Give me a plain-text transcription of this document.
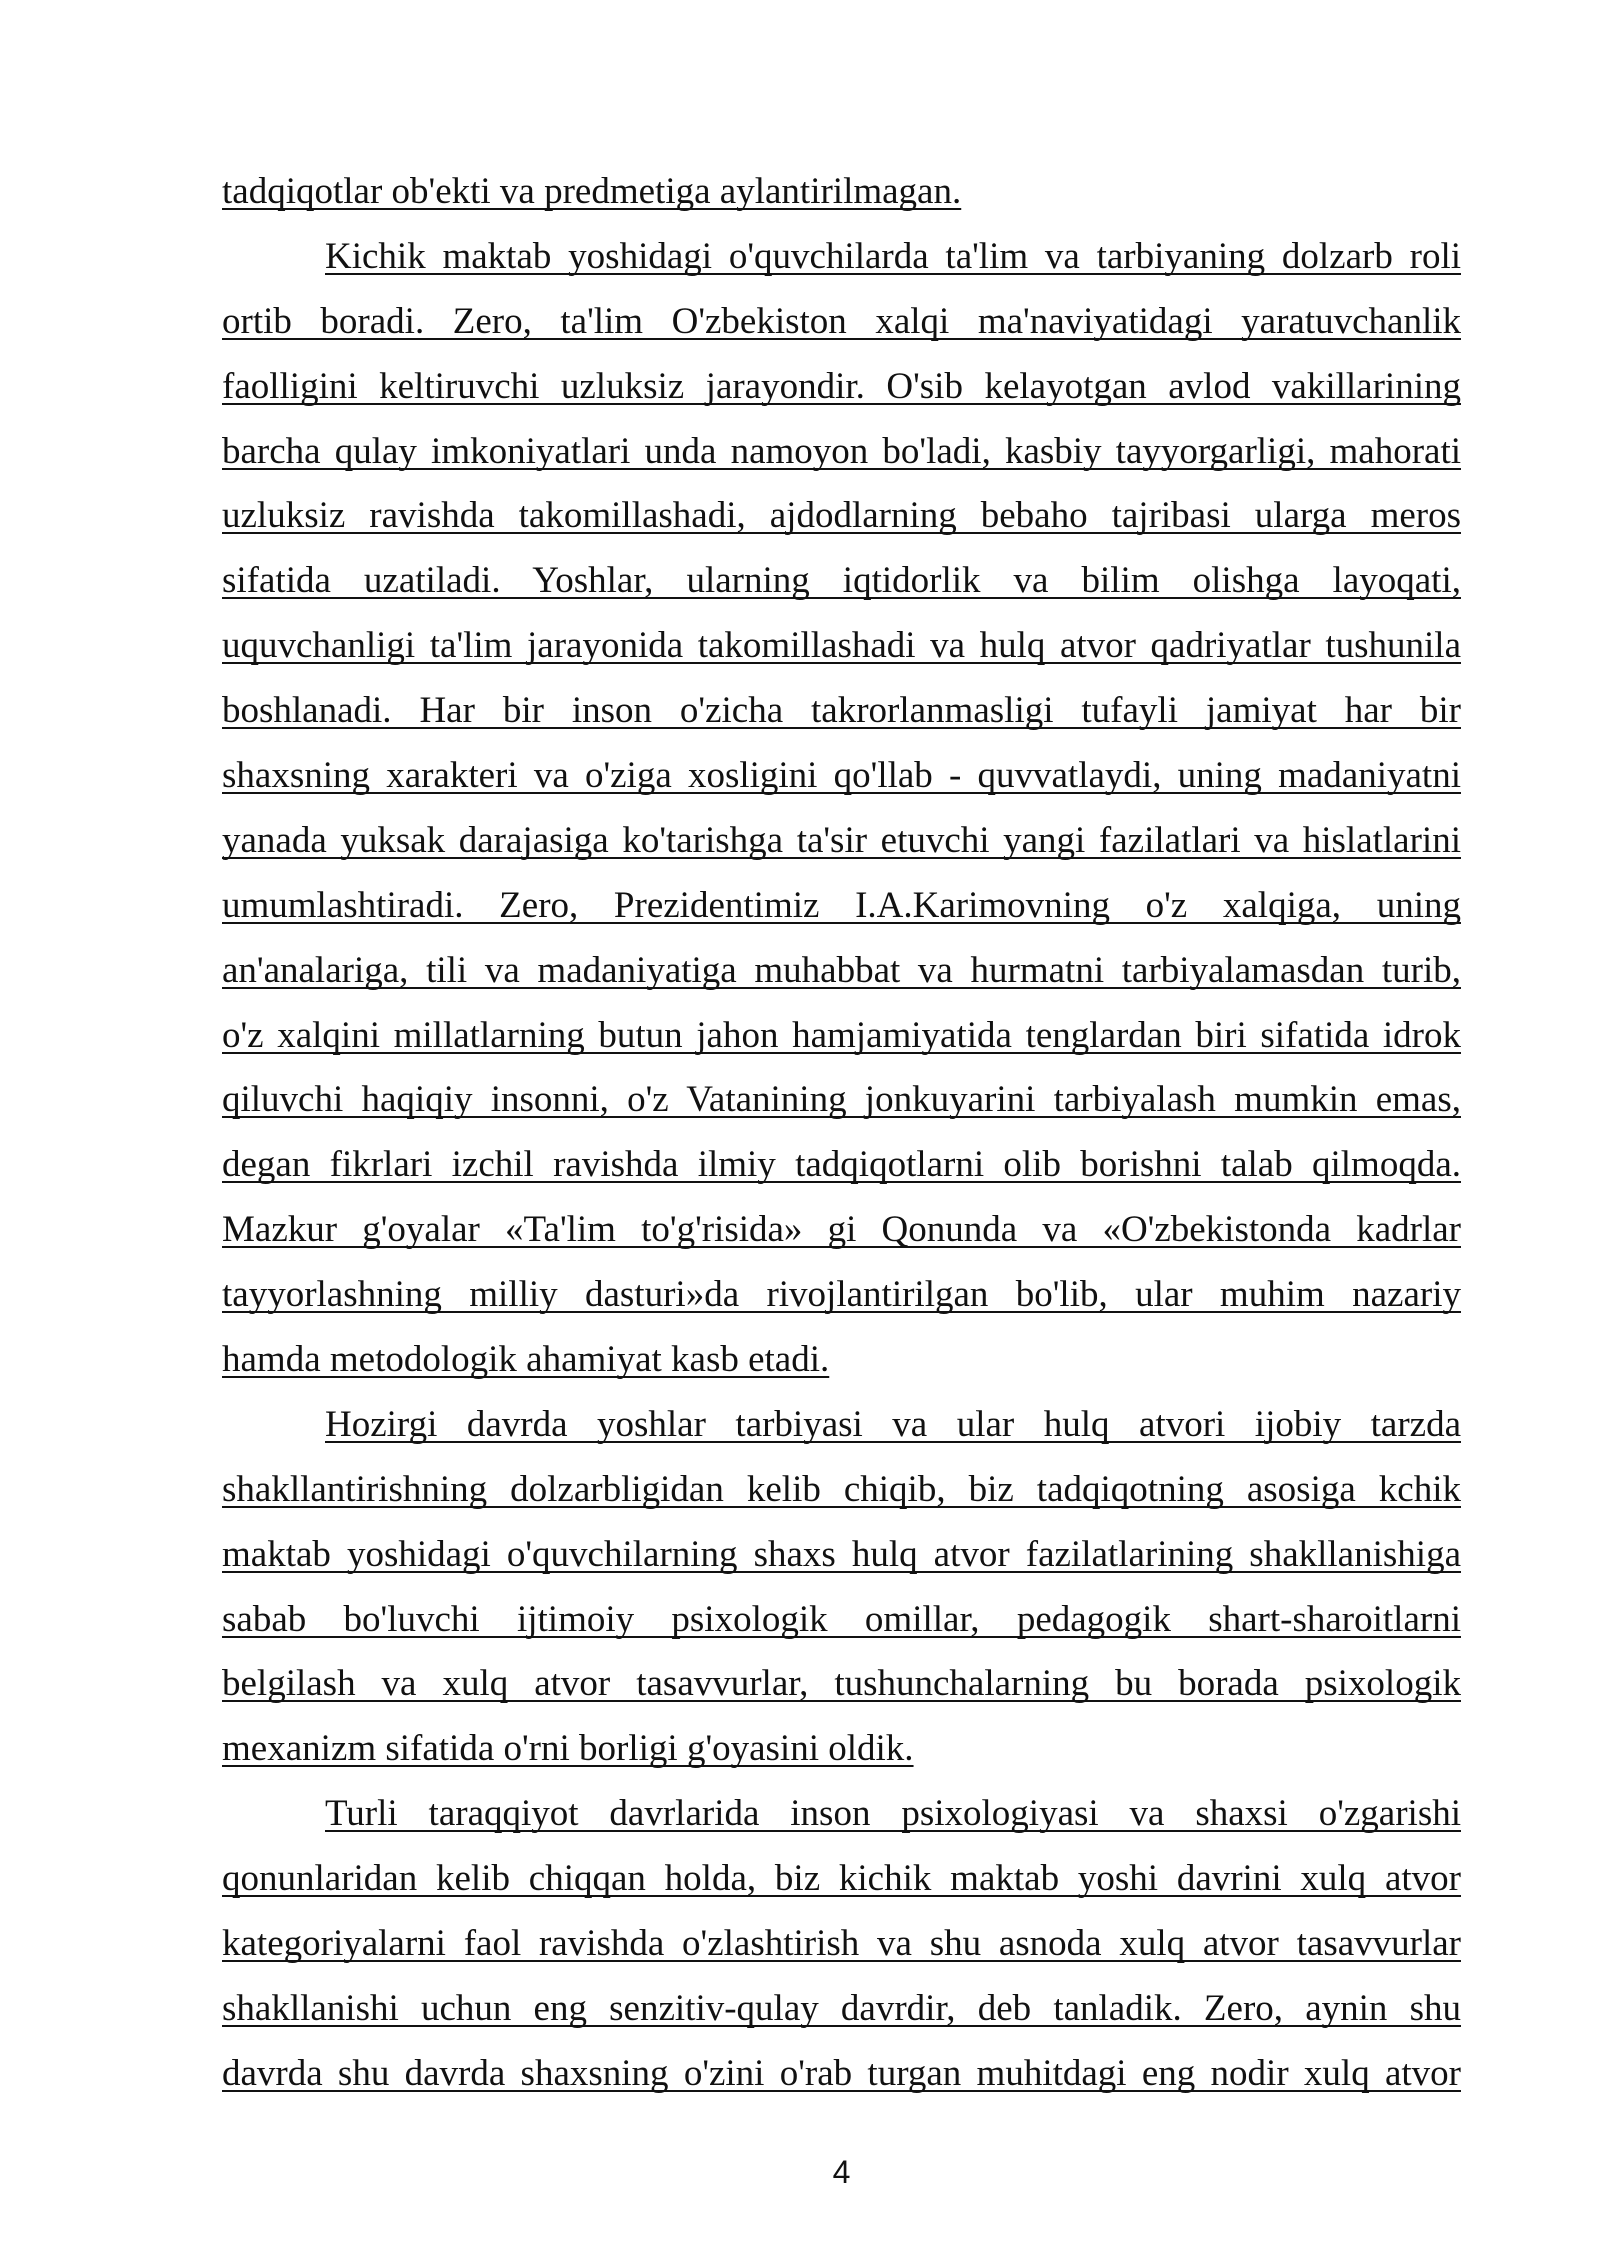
tadqiqotlar ob'ekti va predmetiga aylantirilmagan.
Kichik maktab yoshidagi o'quvchilarda ta'lim va tarbiyaning dolzarb roli
ortib boradi. Zero, ta'lim O'zbekiston xalqi ma'naviyatidagi yaratuvchanlik
faolligini keltiruvchi uzluksiz jarayondir. O'sib kelayotgan avlod vakillarining
barcha qulay imkoniyatlari unda namoyon bo'ladi, kasbiy tayyorgarligi, mahorati
uzluksiz ravishda takomillashadi, ajdodlarning bebaho tajribasi ularga meros
sifatida uzatiladi. Yoshlar, ularning iqtidorlik va bilim olishga layoqati,
uquvchanligi ta'lim jarayonida takomillashadi va hulq atvor qadriyatlar tushunila
boshlanadi. Har bir inson o'zicha takrorlanmasligi tufayli jamiyat har bir
shaxsning xarakteri va o'ziga xosligini qo'llab - quvvatlaydi, uning madaniyatni
yanada yuksak darajasiga ko'tarishga ta'sir etuvchi yangi fazilatlari va hislatlarini
umumlashtiradi. Zero, Prezidentimiz I.A.Karimovning o'z xalqiga, uning
an'analariga, tili va madaniyatiga muhabbat va hurmatni tarbiyalamasdan turib,
o'z xalqini millatlarning butun jahon hamjamiyatida tenglardan biri sifatida idrok
qiluvchi haqiqiy insonni, o'z Vatanining jonkuyarini tarbiyalash mumkin emas,
degan fikrlari izchil ravishda ilmiy tadqiqotlarni olib borishni talab qilmoqda.
Mazkur g'oyalar «Ta'lim to'g'risida» gi Qonunda va «O'zbekistonda kadrlar
tayyorlashning milliy dasturi»da rivojlantirilgan bo'lib, ular muhim nazariy
hamda metodologik ahamiyat kasb etadi.
Hozirgi davrda yoshlar tarbiyasi va ular hulq atvori ijobiy tarzda
shakllantirishning dolzarbligidan kelib chiqib, biz tadqiqotning asosiga kchik
maktab yoshidagi o'quvchilarning shaxs hulq atvor fazilatlarining shakllanishiga
sabab bo'luvchi ijtimoiy psixologik omillar, pedagogik shart-sharoitlarni
belgilash va xulq atvor tasavvurlar, tushunchalarning bu borada psixologik
mexanizm sifatida o'rni borligi g'oyasini oldik.
Turli taraqqiyot davrlarida inson psixologiyasi va shaxsi o'zgarishi
qonunlaridan kelib chiqqan holda, biz kichik maktab yoshi davrini xulq atvor
kategoriyalarni faol ravishda o'zlashtirish va shu asnoda xulq atvor tasavvurlar
shakllanishi uchun eng senzitiv-qulay davrdir, deb tanladik. Zero, aynin shu
davrda shu davrda shaxsning o'zini o'rab turgan muhitdagi eng nodir xulq atvor
4
